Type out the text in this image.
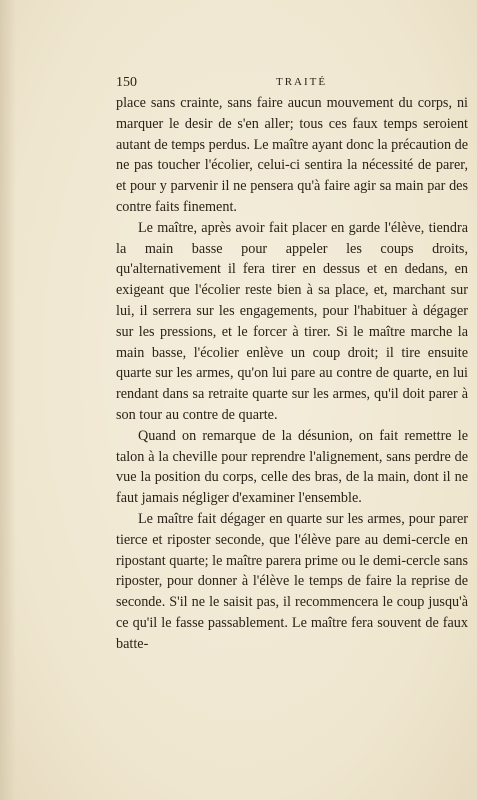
150	TRAITÉ

place sans crainte, sans faire aucun mouvement du corps, ni marquer le desir de s'en aller; tous ces faux temps seroient autant de temps perdus. Le maître ayant donc la précaution de ne pas toucher l'écolier, celui-ci sentira la nécessité de parer, et pour y parvenir il ne pensera qu'à faire agir sa main par des contre faits finement.

Le maître, après avoir fait placer en garde l'élève, tiendra la main basse pour appeler les coups droits, qu'alternativement il fera tirer en dessus et en dedans, en exigeant que l'écolier reste bien à sa place, et, marchant sur lui, il serrera sur les engagements, pour l'habituer à dégager sur les pressions, et le forcer à tirer. Si le maître marche la main basse, l'écolier enlève un coup droit; il tire ensuite quarte sur les armes, qu'on lui pare au contre de quarte, en lui rendant dans sa retraite quarte sur les armes, qu'il doit parer à son tour au contre de quarte.

Quand on remarque de la désunion, on fait remettre le talon à la cheville pour reprendre l'alignement, sans perdre de vue la position du corps, celle des bras, de la main, dont il ne faut jamais négliger d'examiner l'ensemble.

Le maître fait dégager en quarte sur les armes, pour parer tierce et riposter seconde, que l'élève pare au demi-cercle en ripostant quarte; le maître parera prime ou le demi-cercle sans riposter, pour donner à l'élève le temps de faire la reprise de seconde. S'il ne le saisit pas, il recommencera le coup jusqu'à ce qu'il le fasse passablement. Le maître fera souvent de faux batte-
